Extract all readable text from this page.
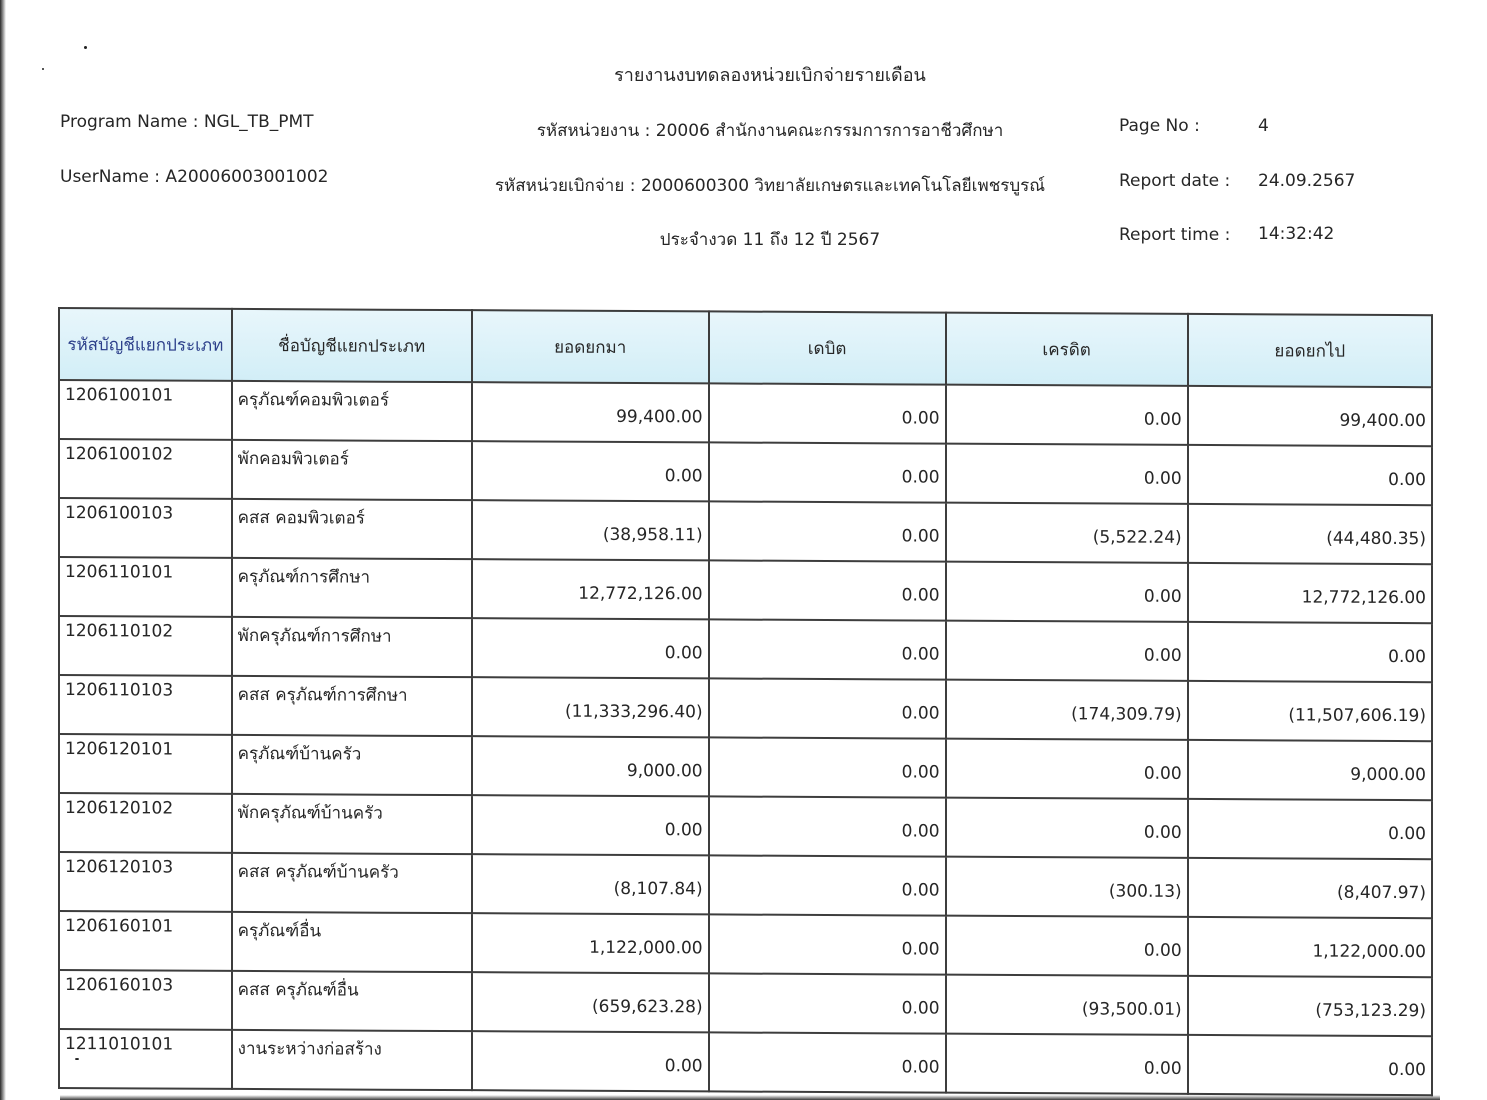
รายงานงบทดลองหน่วยเบิกจ่ายรายเดือน
Program Name : NGL_TB_PMT
UserName : A20006003001002
รหัสหน่วยงาน : 20006 สำนักงานคณะกรรมการการอาชีวศึกษา
รหัสหน่วยเบิกจ่าย : 2000600300 วิทยาลัยเกษตรและเทคโนโลยีเพชรบูรณ์
ประจำงวด 11 ถึง 12 ปี 2567
Page No :	4
Report date : 24.09.2567
Report time : 14:32:42
รหัสบัญชีแยกประเภท	ชื่อบัญชีแยกประเภท	ยอดยกมา	เดบิต	เครดิต	ยอดยกไป
1206100101	ครุภัณฑ์คอมพิวเตอร์	99,400.00	0.00	0.00	99,400.00
1206100102	พักคอมพิวเตอร์	0.00	0.00	0.00	0.00
1206100103	คสส คอมพิวเตอร์	(38,958.11)	0.00	(5,522.24)	(44,480.35)
1206110101	ครุภัณฑ์การศึกษา	12,772,126.00	0.00	0.00	12,772,126.00
1206110102	พักครุภัณฑ์การศึกษา	0.00	0.00	0.00	0.00
1206110103	คสส ครุภัณฑ์การศึกษา	(11,333,296.40)	0.00	(174,309.79)	(11,507,606.19)
1206120101	ครุภัณฑ์บ้านครัว	9,000.00	0.00	0.00	9,000.00
1206120102	พักครุภัณฑ์บ้านครัว	0.00	0.00	0.00	0.00
1206120103	คสส ครุภัณฑ์บ้านครัว	(8,107.84)	0.00	(300.13)	(8,407.97)
1206160101	ครุภัณฑ์อื่น	1,122,000.00	0.00	0.00	1,122,000.00
1206160103	คสส ครุภัณฑ์อื่น	(659,623.28)	0.00	(93,500.01)	(753,123.29)
1211010101	งานระหว่างก่อสร้าง	0.00	0.00	0.00	0.00
